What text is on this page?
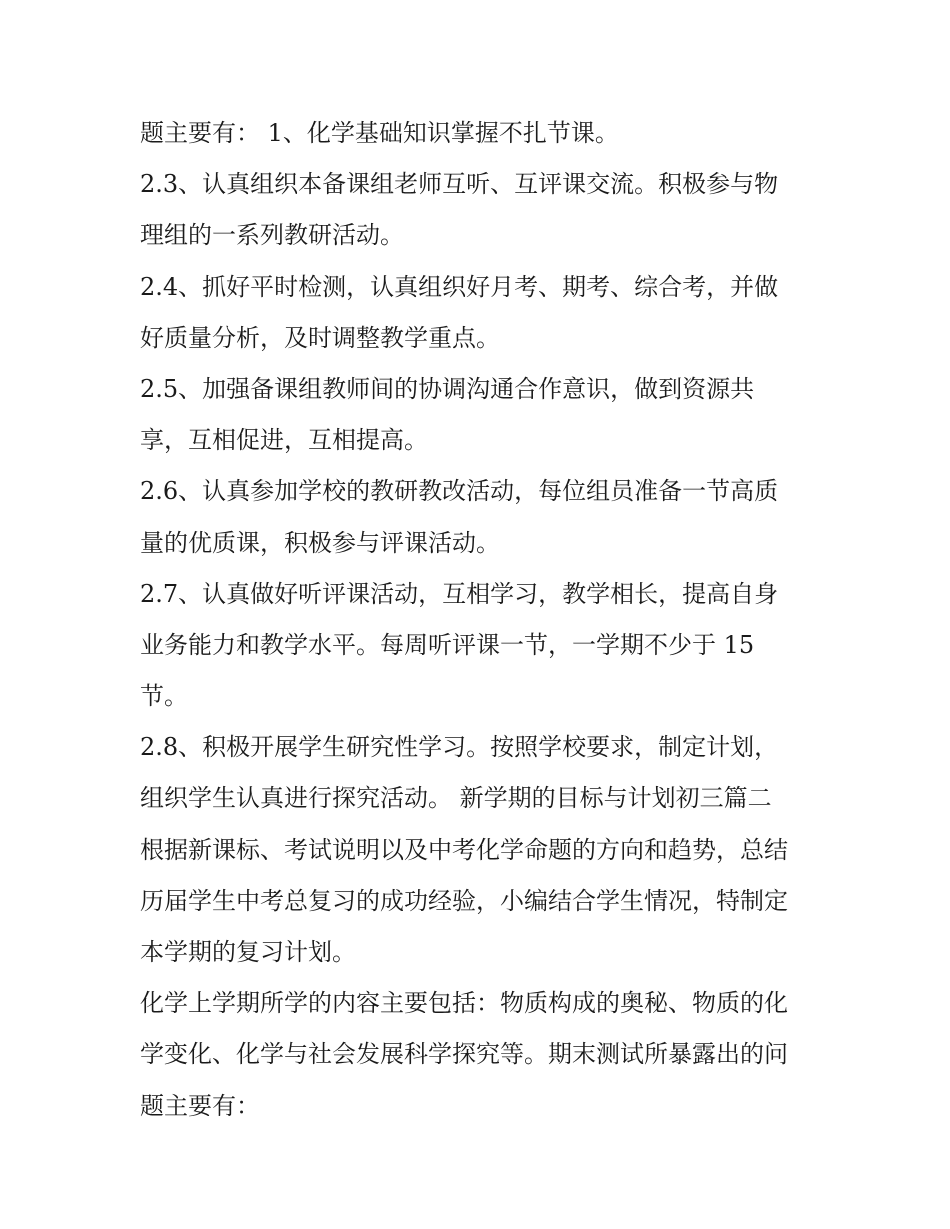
题主要有： 1、化学基础知识掌握不扎节课。
2.3、认真组织本备课组老师互听、互评课交流。积极参与物
理组的一系列教研活动。
2.4、抓好平时检测，认真组织好月考、期考、综合考，并做
好质量分析，及时调整教学重点。
2.5、加强备课组教师间的协调沟通合作意识，做到资源共
享，互相促进，互相提高。
2.6、认真参加学校的教研教改活动，每位组员准备一节高质
量的优质课，积极参与评课活动。
2.7、认真做好听评课活动，互相学习，教学相长，提高自身
业务能力和教学水平。每周听评课一节，一学期不少于 15
节。
2.8、积极开展学生研究性学习。按照学校要求，制定计划，
组织学生认真进行探究活动。 新学期的目标与计划初三篇二
根据新课标、考试说明以及中考化学命题的方向和趋势，总结
历届学生中考总复习的成功经验，小编结合学生情况，特制定
本学期的复习计划。
化学上学期所学的内容主要包括：物质构成的奥秘、物质的化
学变化、化学与社会发展科学探究等。期末测试所暴露出的问
题主要有：
